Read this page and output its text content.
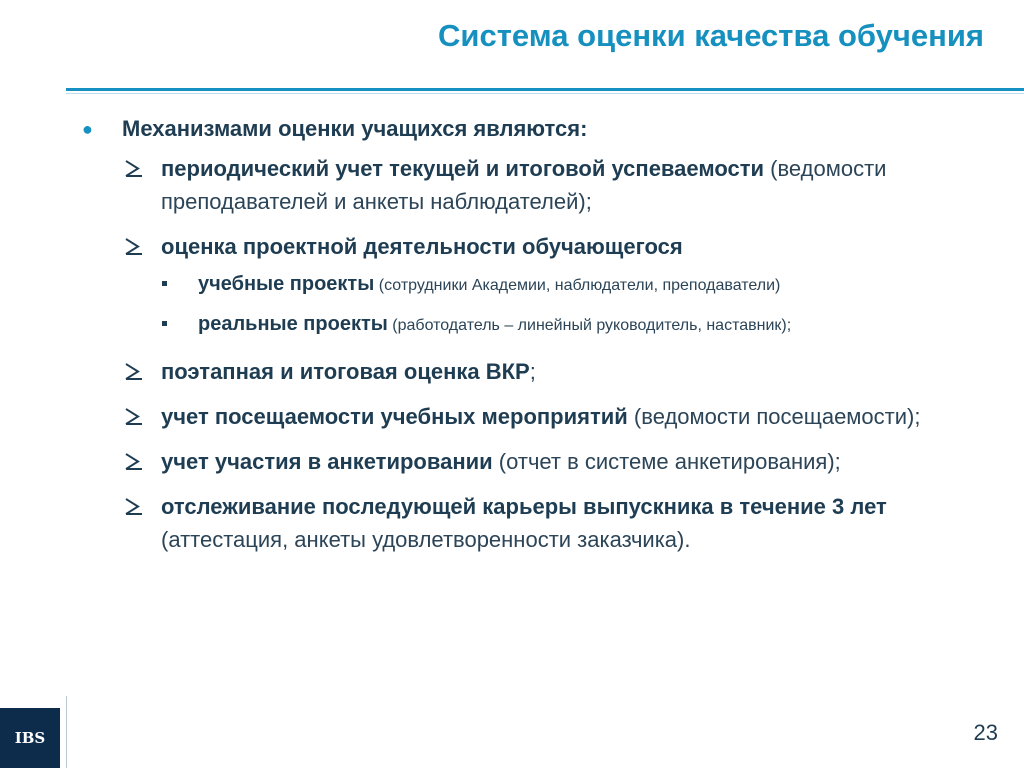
Система оценки качества обучения
● Механизмами оценки учащихся являются:
периодический учет текущей и итоговой успеваемости (ведомости преподавателей и анкеты наблюдателей);
оценка проектной деятельности обучающегося
учебные проекты (сотрудники Академии, наблюдатели, преподаватели)
реальные проекты (работодатель – линейный руководитель, наставник);
поэтапная и итоговая оценка ВКР;
учет посещаемости учебных мероприятий (ведомости посещаемости);
учет участия в анкетировании (отчет в системе анкетирования);
отслеживание последующей карьеры выпускника в течение 3 лет (аттестация, анкеты удовлетворенности заказчика).
IBS	23
